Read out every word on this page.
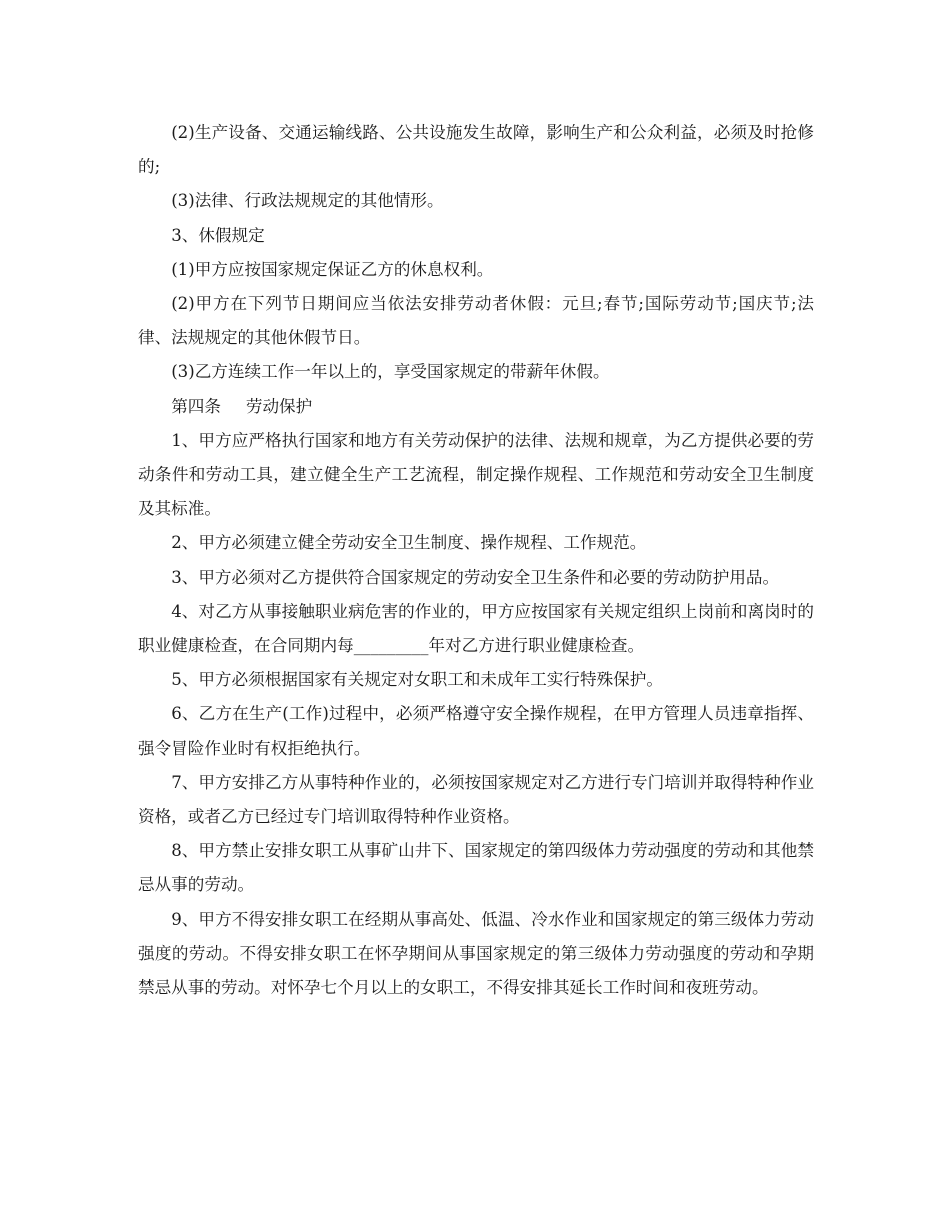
(2)生产设备、交通运输线路、公共设施发生故障，影响生产和公众利益，必须及时抢修的;

(3)法律、行政法规规定的其他情形。

3、休假规定

(1)甲方应按国家规定保证乙方的休息权利。

(2)甲方在下列节日期间应当依法安排劳动者休假：元旦;春节;国际劳动节;国庆节;法律、法规规定的其他休假节日。

(3)乙方连续工作一年以上的，享受国家规定的带薪年休假。

第四条 劳动保护

1、甲方应严格执行国家和地方有关劳动保护的法律、法规和规章，为乙方提供必要的劳动条件和劳动工具，建立健全生产工艺流程，制定操作规程、工作规范和劳动安全卫生制度及其标准。

2、甲方必须建立健全劳动安全卫生制度、操作规程、工作规范。

3、甲方必须对乙方提供符合国家规定的劳动安全卫生条件和必要的劳动防护用品。

4、对乙方从事接触职业病危害的作业的，甲方应按国家有关规定组织上岗前和离岗时的职业健康检查，在合同期内每_________年对乙方进行职业健康检查。

5、甲方必须根据国家有关规定对女职工和未成年工实行特殊保护。

6、乙方在生产(工作)过程中，必须严格遵守安全操作规程，在甲方管理人员违章指挥、强令冒险作业时有权拒绝执行。

7、甲方安排乙方从事特种作业的，必须按国家规定对乙方进行专门培训并取得特种作业资格，或者乙方已经过专门培训取得特种作业资格。

8、甲方禁止安排女职工从事矿山井下、国家规定的第四级体力劳动强度的劳动和其他禁忌从事的劳动。

9、甲方不得安排女职工在经期从事高处、低温、冷水作业和国家规定的第三级体力劳动强度的劳动。不得安排女职工在怀孕期间从事国家规定的第三级体力劳动强度的劳动和孕期禁忌从事的劳动。对怀孕七个月以上的女职工，不得安排其延长工作时间和夜班劳动。
